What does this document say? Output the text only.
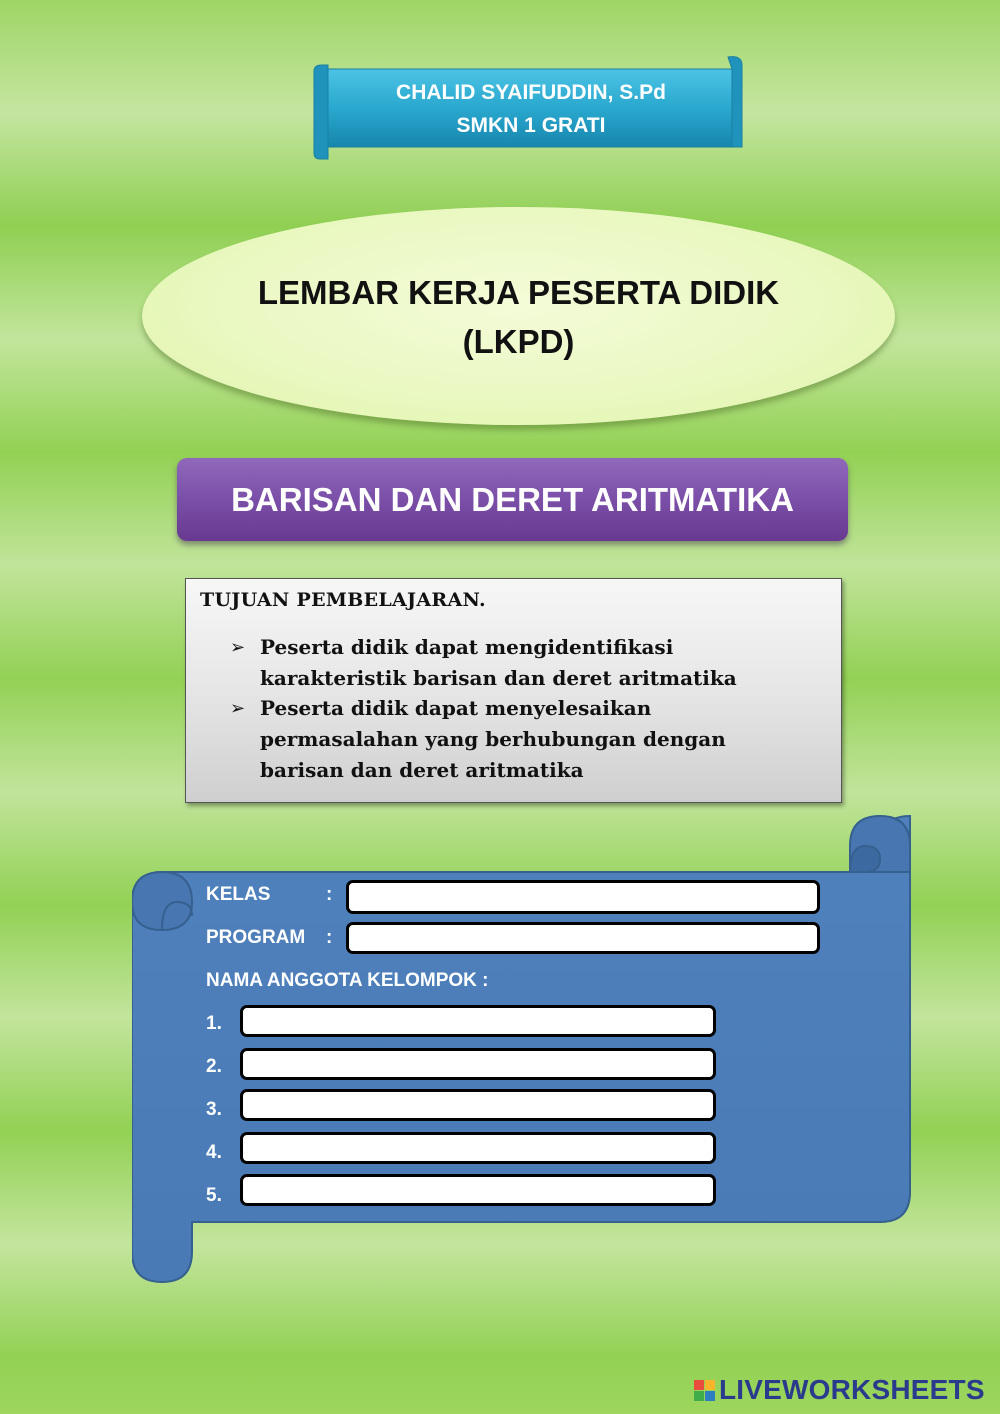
CHALID SYAIFUDDIN, S.Pd
SMKN 1 GRATI
LEMBAR KERJA PESERTA DIDIK
(LKPD)
BARISAN DAN DERET ARITMATIKA
TUJUAN PEMBELAJARAN.
➢ Peserta didik dapat mengidentifikasi
karakteristik barisan dan deret aritmatika
➢ Peserta didik dapat menyelesaikan
permasalahan yang berhubungan dengan
barisan dan deret aritmatika
KELAS	:
PROGRAM :
NAMA ANGGOTA KELOMPOK :
1.
2.
3.
4.
5.
LIVEWORKSHEETS
